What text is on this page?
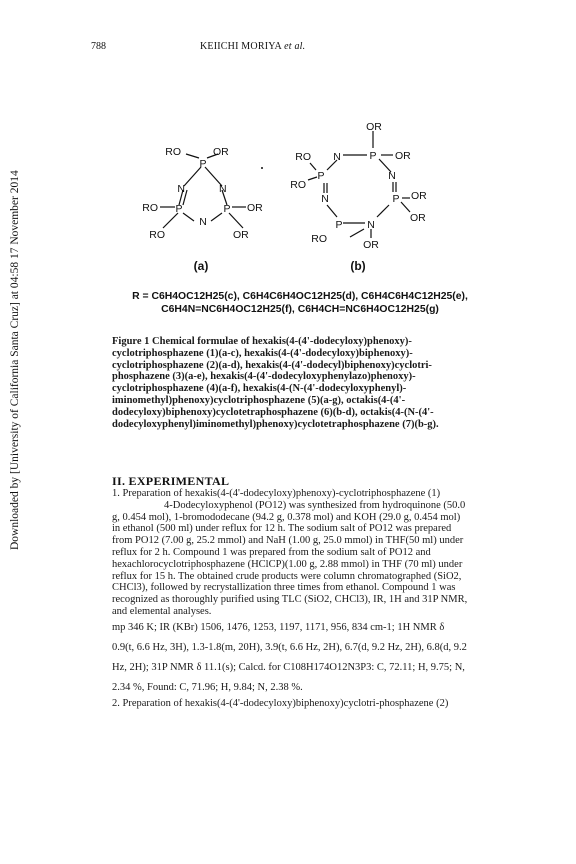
Downloaded by [University of California Santa Cruz] at 04:58 17 November 2014
788	KEIICHI MORIYA et al.
RO	OR
P
N	N
RO P
N
P OR
RO	OR
(a)
OR
RO N	P OR
P	N
RO
N	P OR
OR
P N
RO	OR
(b)
R = C6H4OC12H25(c), C6H4C6H4OC12H25(d), C6H4C6H4C12H25(e),
C6H4N=NC6H4OC12H25(f), C6H4CH=NC6H4OC12H25(g)
Figure 1 Chemical formulae of hexakis(4-(4'-dodecyloxy)phenoxy)-cyclotriphosphazene (1)(a-c), hexakis(4-(4'-dodecyloxy)biphenoxy)-cyclotriphosphazene (2)(a-d), hexakis(4-(4'-dodecyl)biphenoxy)cyclotri-phosphazene (3)(a-e), hexakis(4-(4'-dodecyloxyphenylazo)phenoxy)-cyclotriphosphazene (4)(a-f), hexakis(4-(N-(4'-dodecyloxyphenyl)-iminomethyl)phenoxy)cyclotriphosphazene (5)(a-g), octakis(4-(4'-dodecyloxy)biphenoxy)cyclotetraphosphazene (6)(b-d), octakis(4-(N-(4'-dodecyloxyphenyl)iminomethyl)phenoxy)cyclotetraphosphazene (7)(b-g).
II. EXPERIMENTAL

1. Preparation of hexakis(4-(4'-dodecyloxy)phenoxy)-cyclotriphosphazene (1)

4-Dodecyloxyphenol (PO12) was synthesized from hydroquinone (50.0 g, 0.454 mol), 1-bromododecane (94.2 g, 0.378 mol) and KOH (29.0 g, 0.454 mol) in ethanol (500 ml) under reflux for 12 h. The sodium salt of PO12 was prepared from PO12 (7.00 g, 25.2 mmol) and NaH (1.00 g, 25.0 mmol) in THF(50 ml) under reflux for 2 h. Compound 1 was prepared from the sodium salt of PO12 and hexachlorocyclotriphosphazene (HClCP)(1.00 g, 2.88 mmol) in THF (70 ml) under reflux for 15 h. The obtained crude products were column chromatographed (SiO2, CHCl3), followed by recrystallization three times from ethanol. Compound 1 was recognized as thoroughly purified using TLC (SiO2, CHCl3), IR, 1H and 31P NMR, and elemental analyses.

mp 346 K; IR (KBr) 1506, 1476, 1253, 1197, 1171, 956, 834 cm-1; 1H NMR δ 0.9(t, 6.6 Hz, 3H), 1.3-1.8(m, 20H), 3.9(t, 6.6 Hz, 2H), 6.7(d, 9.2 Hz, 2H), 6.8(d, 9.2 Hz, 2H); 31P NMR δ 11.1(s); Calcd. for C108H174O12N3P3: C, 72.11; H, 9.75; N, 2.34 %, Found: C, 71.96; H, 9.84; N, 2.38 %.

2. Preparation of hexakis(4-(4'-dodecyloxy)biphenoxy)cyclotri-phosphazene (2)
